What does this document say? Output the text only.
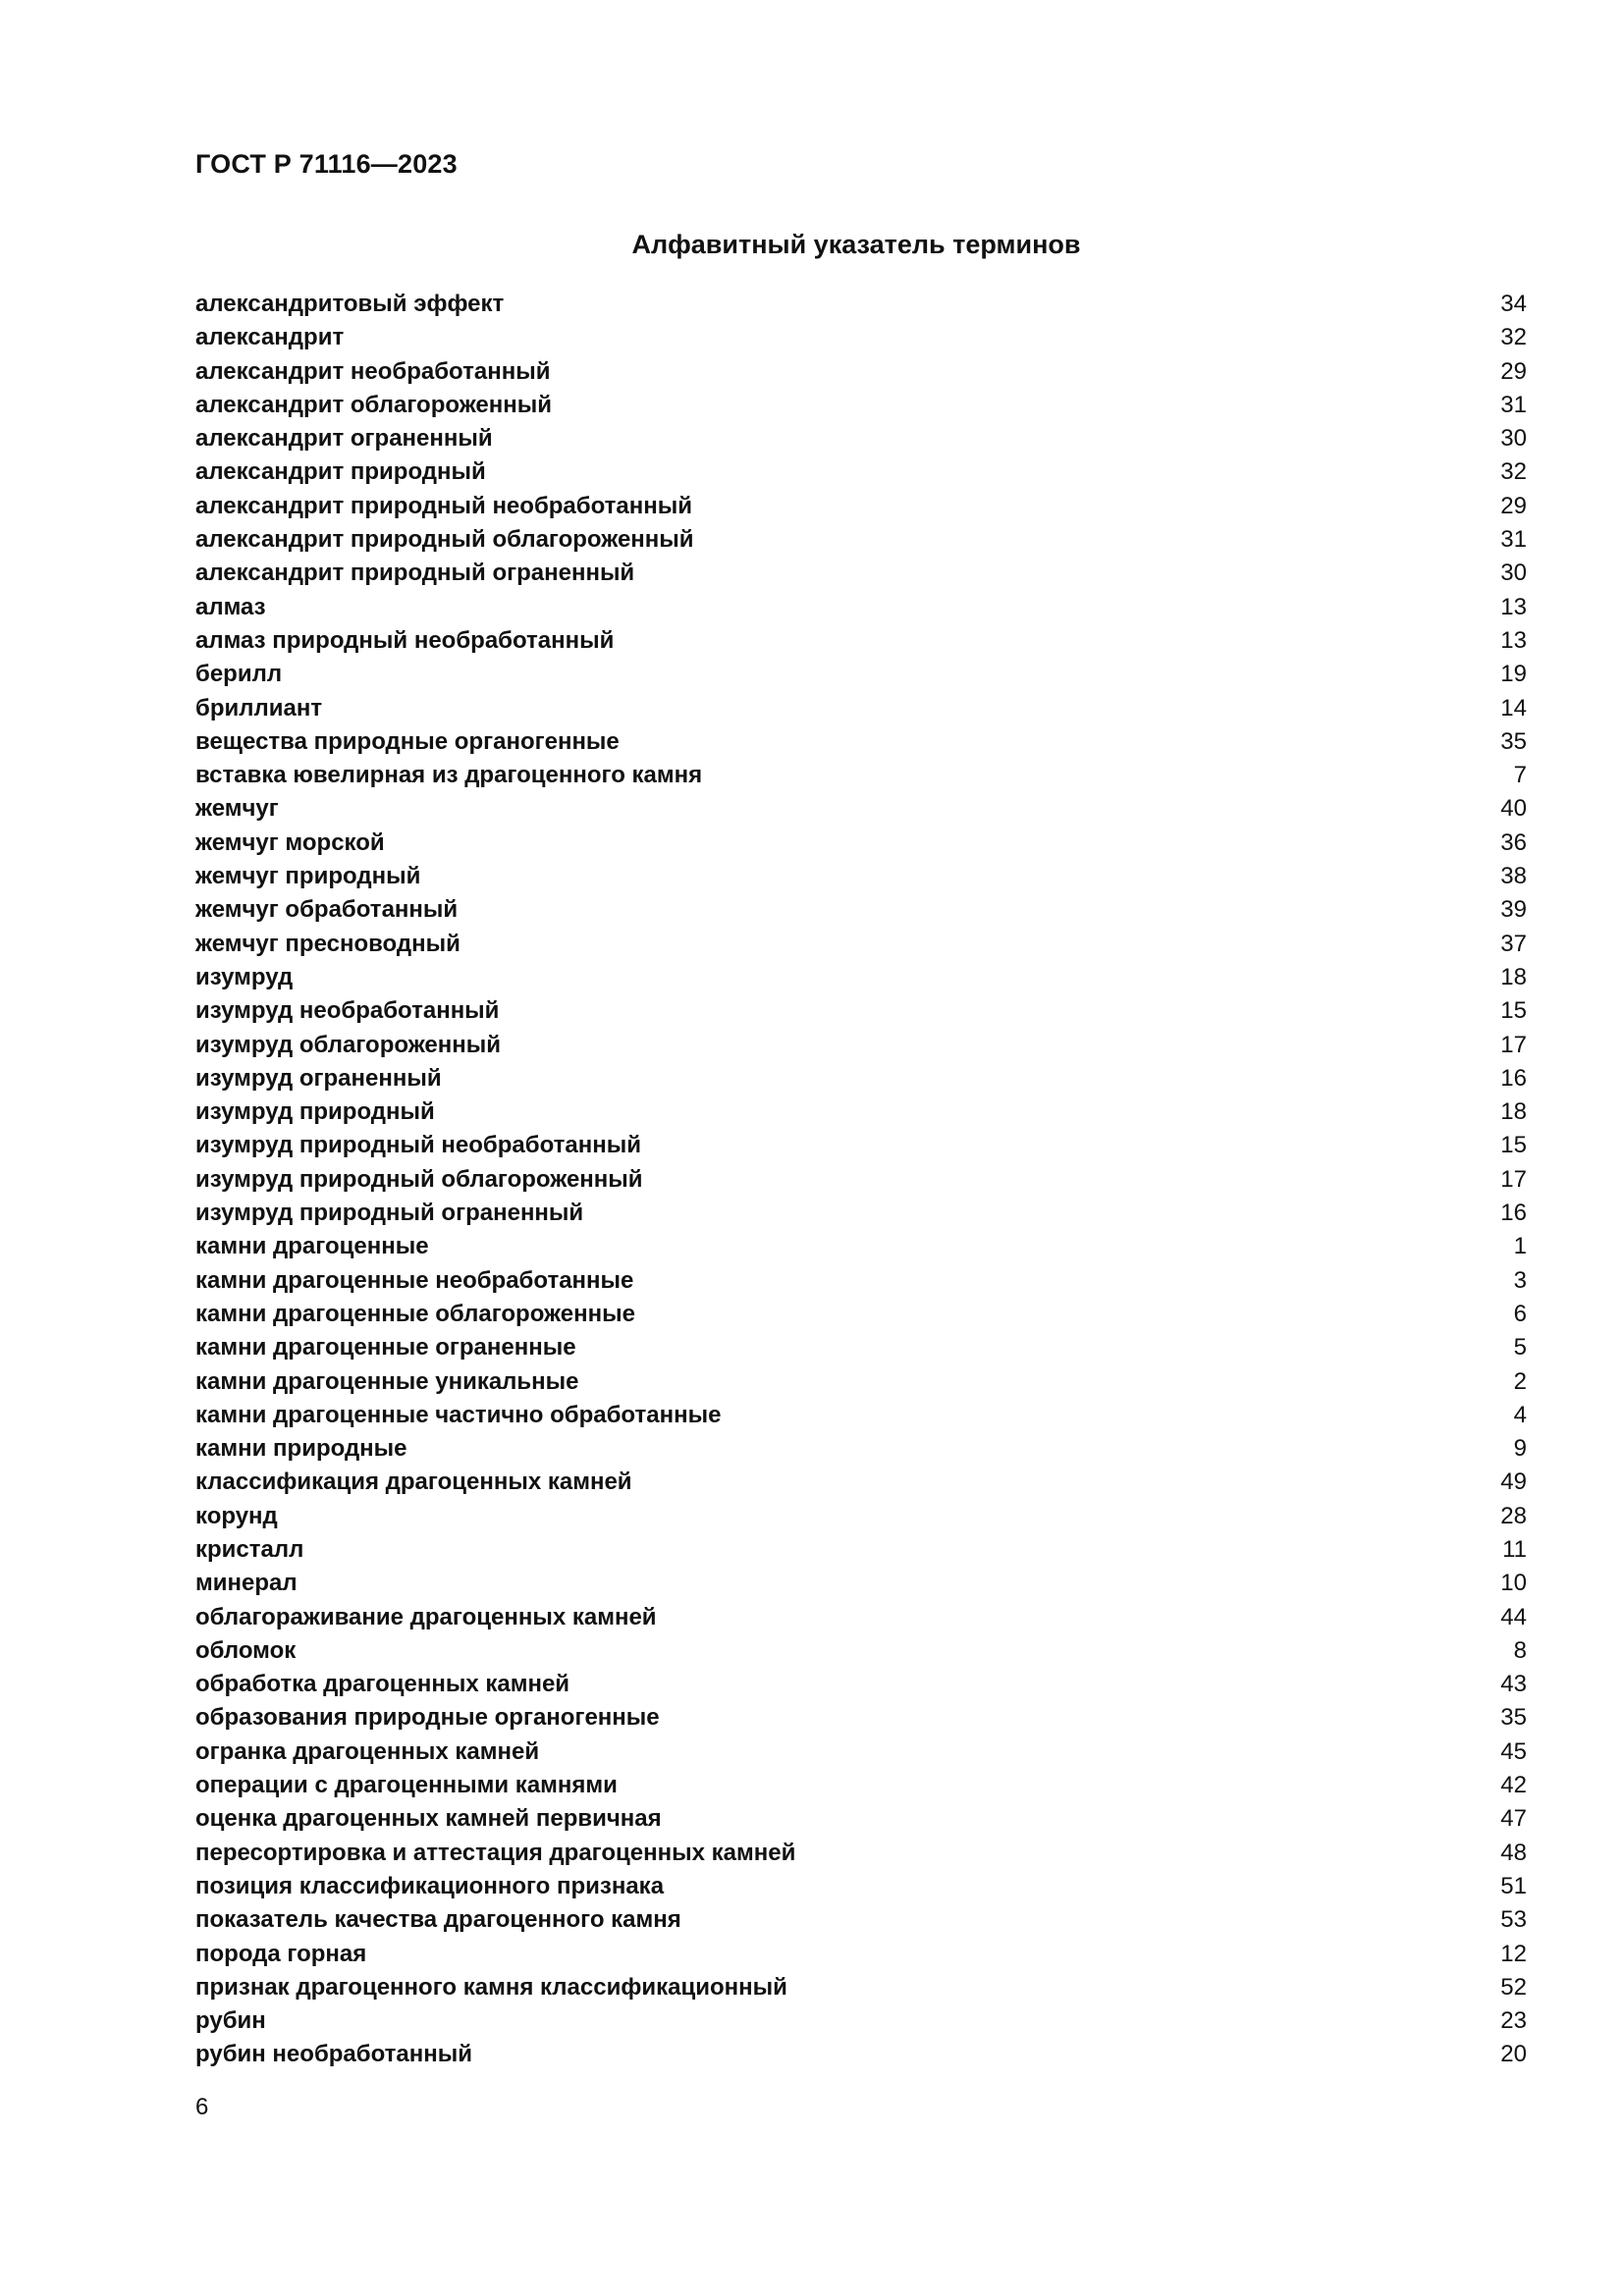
ГОСТ Р 71116—2023
Алфавитный указатель терминов
александритовый эффект	34
александрит	32
александрит необработанный	29
александрит облагороженный	31
александрит ограненный	30
александрит природный	32
александрит природный необработанный	29
александрит природный облагороженный	31
александрит природный ограненный	30
алмаз	13
алмаз природный необработанный	13
берилл	19
бриллиант	14
вещества природные органогенные	35
вставка ювелирная из драгоценного камня	7
жемчуг	40
жемчуг морской	36
жемчуг природный	38
жемчуг обработанный	39
жемчуг пресноводный	37
изумруд	18
изумруд необработанный	15
изумруд облагороженный	17
изумруд ограненный	16
изумруд природный	18
изумруд природный необработанный	15
изумруд природный облагороженный	17
изумруд природный ограненный	16
камни драгоценные	1
камни драгоценные необработанные	3
камни драгоценные облагороженные	6
камни драгоценные ограненные	5
камни драгоценные уникальные	2
камни драгоценные частично обработанные	4
камни природные	9
классификация драгоценных камней	49
корунд	28
кристалл	11
минерал	10
облагораживание драгоценных камней	44
обломок	8
обработка драгоценных камней	43
образования природные органогенные	35
огранка драгоценных камней	45
операции с драгоценными камнями	42
оценка драгоценных камней первичная	47
пересортировка и аттестация драгоценных камней	48
позиция классификационного признака	51
показатель качества драгоценного камня	53
порода горная	12
признак драгоценного камня классификационный	52
рубин	23
рубин необработанный	20
6
